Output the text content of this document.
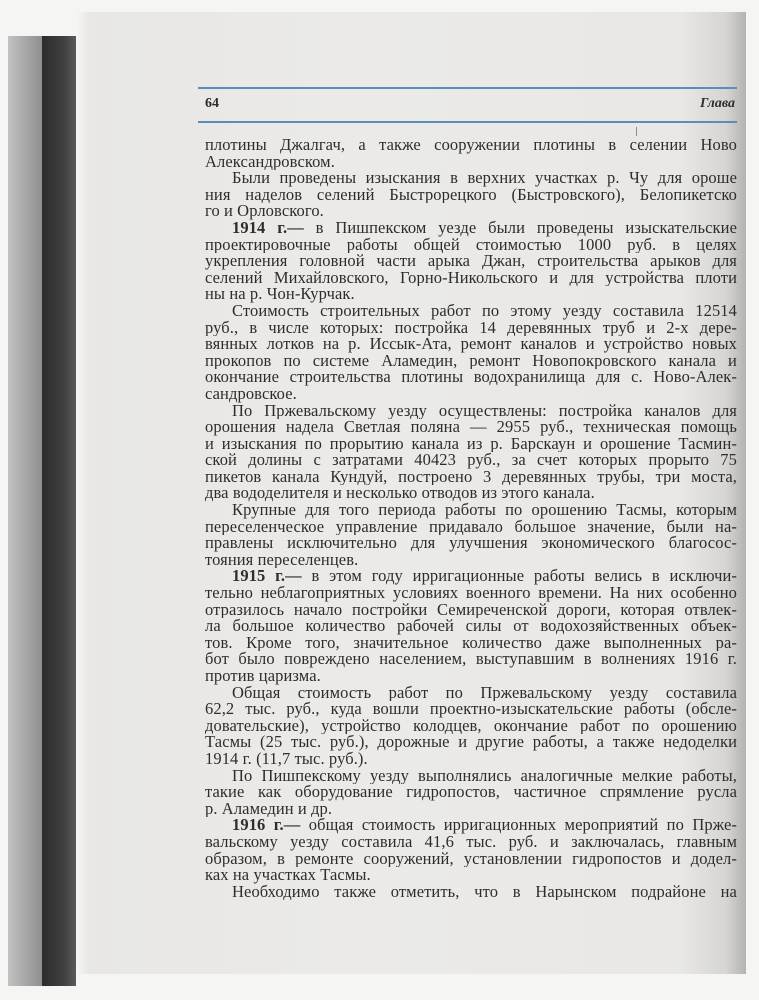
64	Глава
плотины Джалгач, а также сооружении плотины в селении Ново
Александровском.
Были проведены изыскания в верхних участках р. Чу для ороше
ния наделов селений Быстрорецкого (Быстровского), Белопикетско
го и Орловского.
1914 г.— в Пишпекском уезде были проведены изыскательские
проектировочные работы общей стоимостью 1000 руб. в целях
укрепления головной части арыка Джан, строительства арыков для
селений Михайловского, Горно-Никольского и для устройства плоти
ны на р. Чон-Курчак.
Стоимость строительных работ по этому уезду составила 12514
руб., в числе которых: постройка 14 деревянных труб и 2-х дере-
вянных лотков на р. Иссык-Ата, ремонт каналов и устройство новых
прокопов по системе Аламедин, ремонт Новопокровского канала и
окончание строительства плотины водохранилища для с. Ново-Алек-
сандровское.
По Пржевальскому уезду осуществлены: постройка каналов для
орошения надела Светлая поляна — 2955 руб., техническая помощь
и изыскания по прорытию канала из р. Барскаун и орошение Тасмин-
ской долины с затратами 40423 руб., за счет которых прорыто 75
пикетов канала Кундуй, построено 3 деревянных трубы, три моста,
два вододелителя и несколько отводов из этого канала.
Крупные для того периода работы по орошению Тасмы, которым
переселенческое управление придавало большое значение, были на-
правлены исключительно для улучшения экономического благосос-
тояния переселенцев.
1915 г.— в этом году ирригационные работы велись в исключи-
тельно неблагоприятных условиях военного времени. На них особенно
отразилось начало постройки Семиреченской дороги, которая отвлек-
ла большое количество рабочей силы от водохозяйственных объек-
тов. Кроме того, значительное количество даже выполненных ра-
бот было повреждено населением, выступавшим в волнениях 1916 г.
против царизма.
Общая стоимость работ по Пржевальскому уезду составила
62,2 тыс. руб., куда вошли проектно-изыскательские работы (обсле-
довательские), устройство колодцев, окончание работ по орошению
Тасмы (25 тыс. руб.), дорожные и другие работы, а также недоделки
1914 г. (11,7 тыс. руб.).
По Пишпекскому уезду выполнялись аналогичные мелкие работы,
такие как оборудование гидропостов, частичное спрямление русла
р. Аламедин и др.
1916 г.— общая стоимость ирригационных мероприятий по Прже-
вальскому уезду составила 41,6 тыс. руб. и заключалась, главным
образом, в ремонте сооружений, установлении гидропостов и додел-
ках на участках Тасмы.
Необходимо также отметить, что в Нарынском подрайоне на
